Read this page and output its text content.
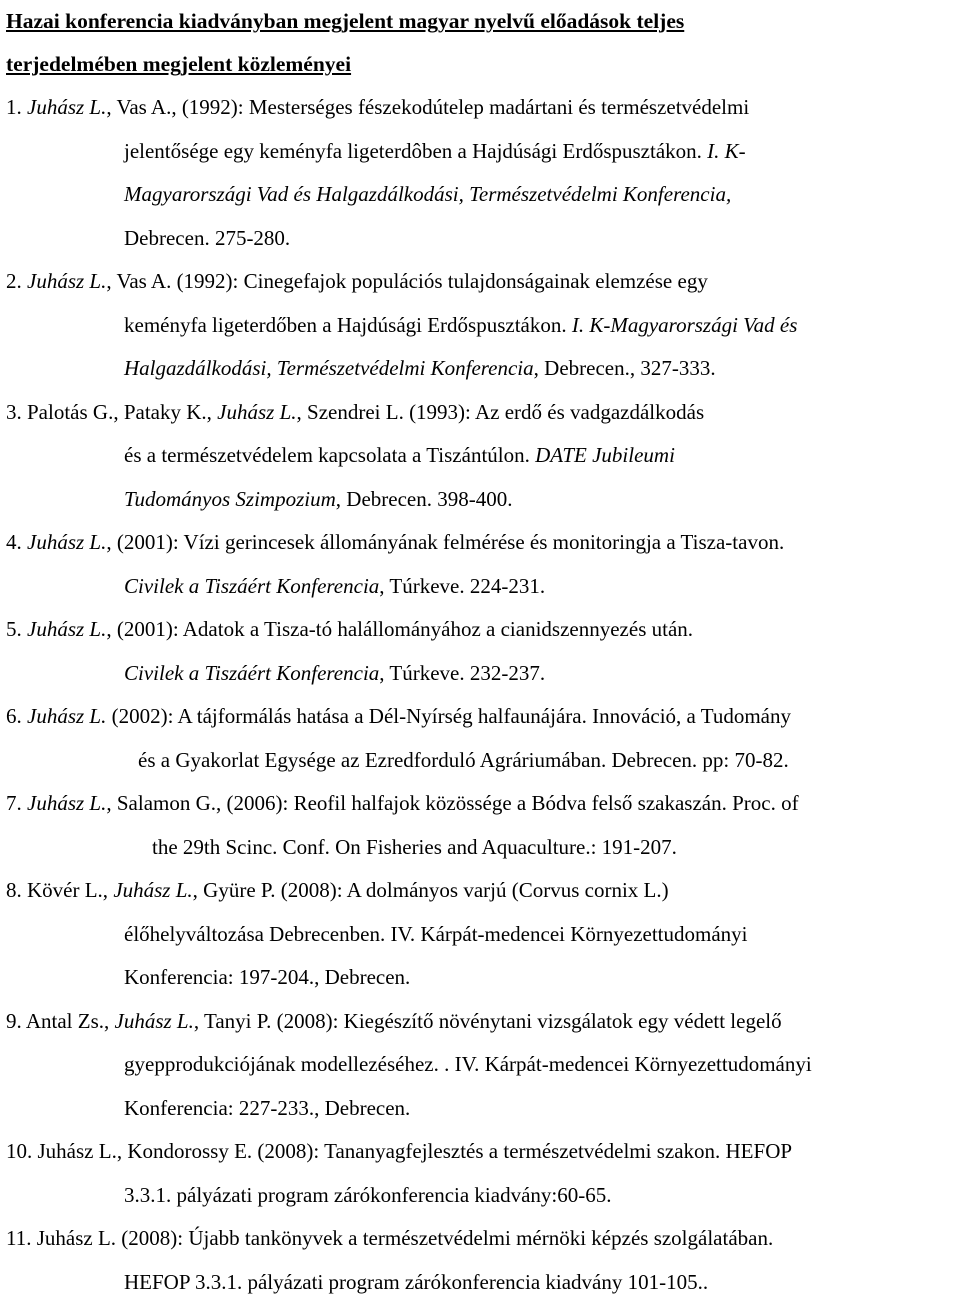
Hazai konferencia kiadványban megjelent magyar nyelvű előadások teljes
terjedelmében megjelent közleményei
1. Juhász L., Vas A., (1992): Mesterséges fészekodútelep madártani és természetvédelmi
jelentősége egy keményfa ligeterdôben a Hajdúsági Erdőspusztákon. I. K-
Magyarországi Vad és Halgazdálkodási, Természetvédelmi Konferencia,
Debrecen. 275-280.
2. Juhász L., Vas A. (1992): Cinegefajok populációs tulajdonságainak elemzése egy
keményfa ligeterdőben a Hajdúsági Erdőspusztákon. I. K-Magyarországi Vad és
Halgazdálkodási, Természetvédelmi Konferencia, Debrecen., 327-333.
3. Palotás G., Pataky K., Juhász L., Szendrei L. (1993): Az erdő és vadgazdálkodás
és a természetvédelem kapcsolata a Tiszántúlon. DATE Jubileumi
Tudományos Szimpozium, Debrecen. 398-400.
4. Juhász L., (2001): Vízi gerincesek állományának felmérése és monitoringja a Tisza-tavon.
Civilek a Tiszáért Konferencia, Túrkeve. 224-231.
5. Juhász L., (2001): Adatok a Tisza-tó halállományához a cianidszennyezés után.
Civilek a Tiszáért Konferencia, Túrkeve. 232-237.
6. Juhász L. (2002): A tájformálás hatása a Dél-Nyírség halfaunájára. Innováció, a Tudomány
és a Gyakorlat Egysége az Ezredforduló Agráriumában. Debrecen. pp: 70-82.
7. Juhász L., Salamon G., (2006): Reofil halfajok közössége a Bódva felső szakaszán. Proc. of
the 29th Scinc. Conf. On Fisheries and Aquaculture.: 191-207.
8. Kövér L., Juhász L., Gyüre P. (2008): A dolmányos varjú (Corvus cornix L.)
élőhelyváltozása Debrecenben. IV. Kárpát-medencei Környezettudományi
Konferencia: 197-204., Debrecen.
9. Antal Zs., Juhász L., Tanyi P. (2008): Kiegészítő növénytani vizsgálatok egy védett legelő
gyepprodukciójának modellezéséhez. . IV. Kárpát-medencei Környezettudományi
Konferencia: 227-233., Debrecen.
10. Juhász L., Kondorossy E. (2008): Tananyagfejlesztés a természetvédelmi szakon. HEFOP
3.3.1. pályázati program zárókonferencia kiadvány:60-65.
11. Juhász L. (2008): Újabb tankönyvek a természetvédelmi mérnöki képzés szolgálatában.
HEFOP 3.3.1. pályázati program zárókonferencia kiadvány 101-105..
